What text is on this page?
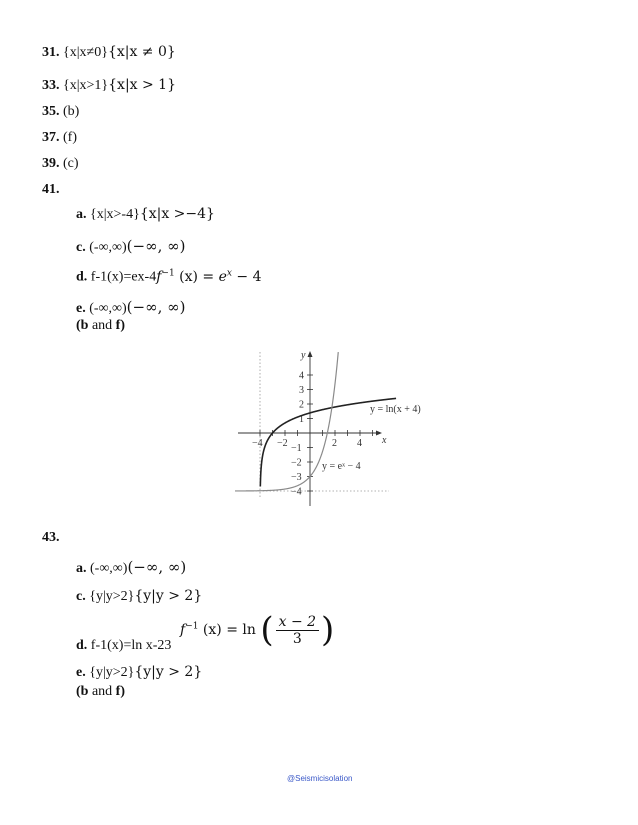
31. {x|x≠0}{x|x ≠ 0}
33. {x|x>1}{x|x > 1}
35. (b)
37. (f)
39. (c)
41.
a. {x|x>-4}{x|x >−4}
c. (-∞,∞)(−∞, ∞)
d. $f-1(x)=ex-4f^{-1}$ $(x) = e^x - 4$
e. (-∞,∞)(−∞, ∞)
(b and f)
4
3
2
1
−1
−2
−3
−4
−4 −2	2 4
y
x
y = ln(x + 4)
y = eˣ − 4
43.
a. (-∞,∞)(−∞, ∞)
c. {y|y>2}{y|y > 2}
$f^{-1}$ (x) = ln ( $\frac{x - 2}{3}$ )
d. f-1(x)=ln x-23
e. {y|y>2}{y|y > 2}
(b and f)
@Seismicisolation
